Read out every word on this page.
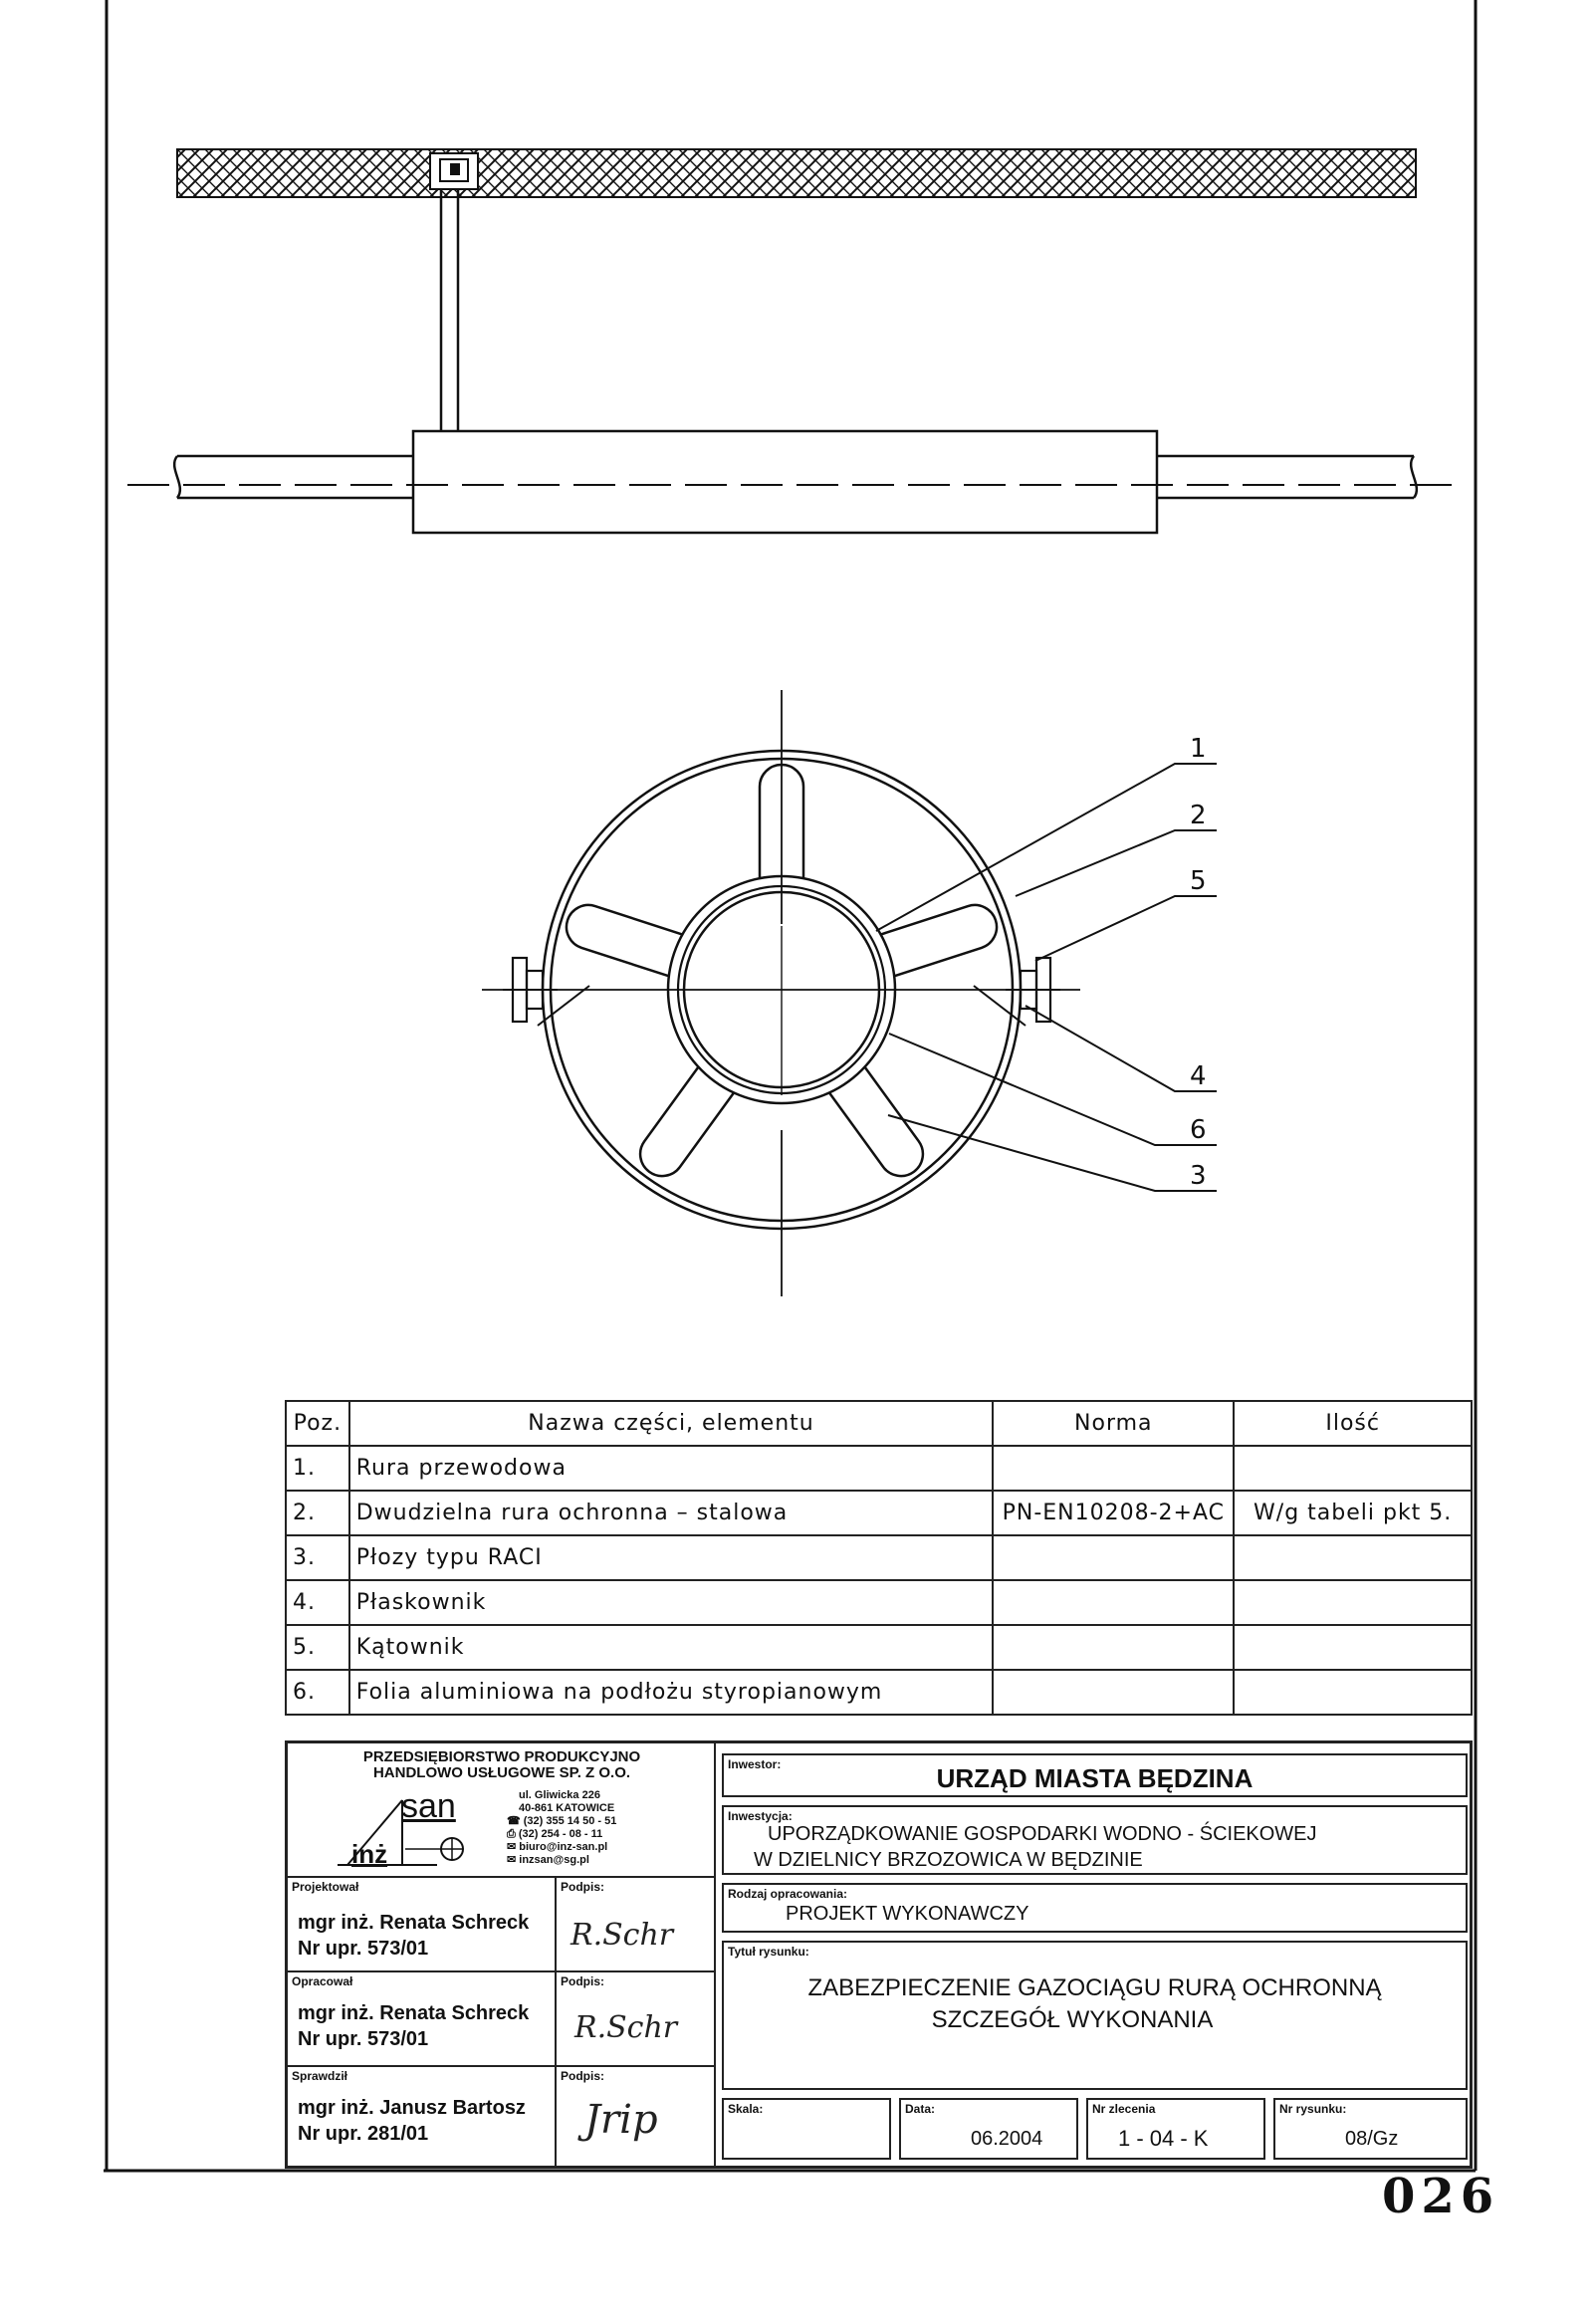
1
2
5
4
6
3
Poz.	Nazwa części, elementu	Norma	Ilość
1.	Rura przewodowa		
2.	Dwudzielna rura ochronna – stalowa	PN-EN10208-2+AC	W/g tabeli pkt 5.
3.	Płozy typu RACI		
4.	Płaskownik		
5.	Kątownik		
6.	Folia aluminiowa na podłożu styropianowym		
PRZEDSIĘBIORSTWO PRODUKCYJNO
HANDLOWO USŁUGOWE SP. Z O.O.
san
inż
ul. Gliwicka 226
40-861 KATOWICE
☎ (32) 355 14 50 - 51
⎙ (32) 254 - 08 - 11
✉ biuro@inz-san.pl
✉ inzsan@sg.pl
Projektował
mgr inż. Renata Schreck
Nr upr. 573/01
Podpis:
R.Schr
Opracował
mgr inż. Renata Schreck
Nr upr. 573/01
Podpis:
R.Schr
Sprawdził
mgr inż. Janusz Bartosz
Nr upr. 281/01
Podpis:
Jrip
Inwestor:	URZĄD MIASTA BĘDZINA
Inwestycja:
UPORZĄDKOWANIE GOSPODARKI WODNO - ŚCIEKOWEJ
W DZIELNICY BRZOZOWICA W BĘDZINIE
Rodzaj opracowania:
PROJEKT WYKONAWCZY
Tytuł rysunku:
ZABEZPIECZENIE GAZOCIĄGU RURĄ OCHRONNĄ
SZCZEGÓŁ WYKONANIA
Skala:	Data:
06.2004
Nr zlecenia
1 - 04 - K
Nr rysunku:
08/Gz
026
